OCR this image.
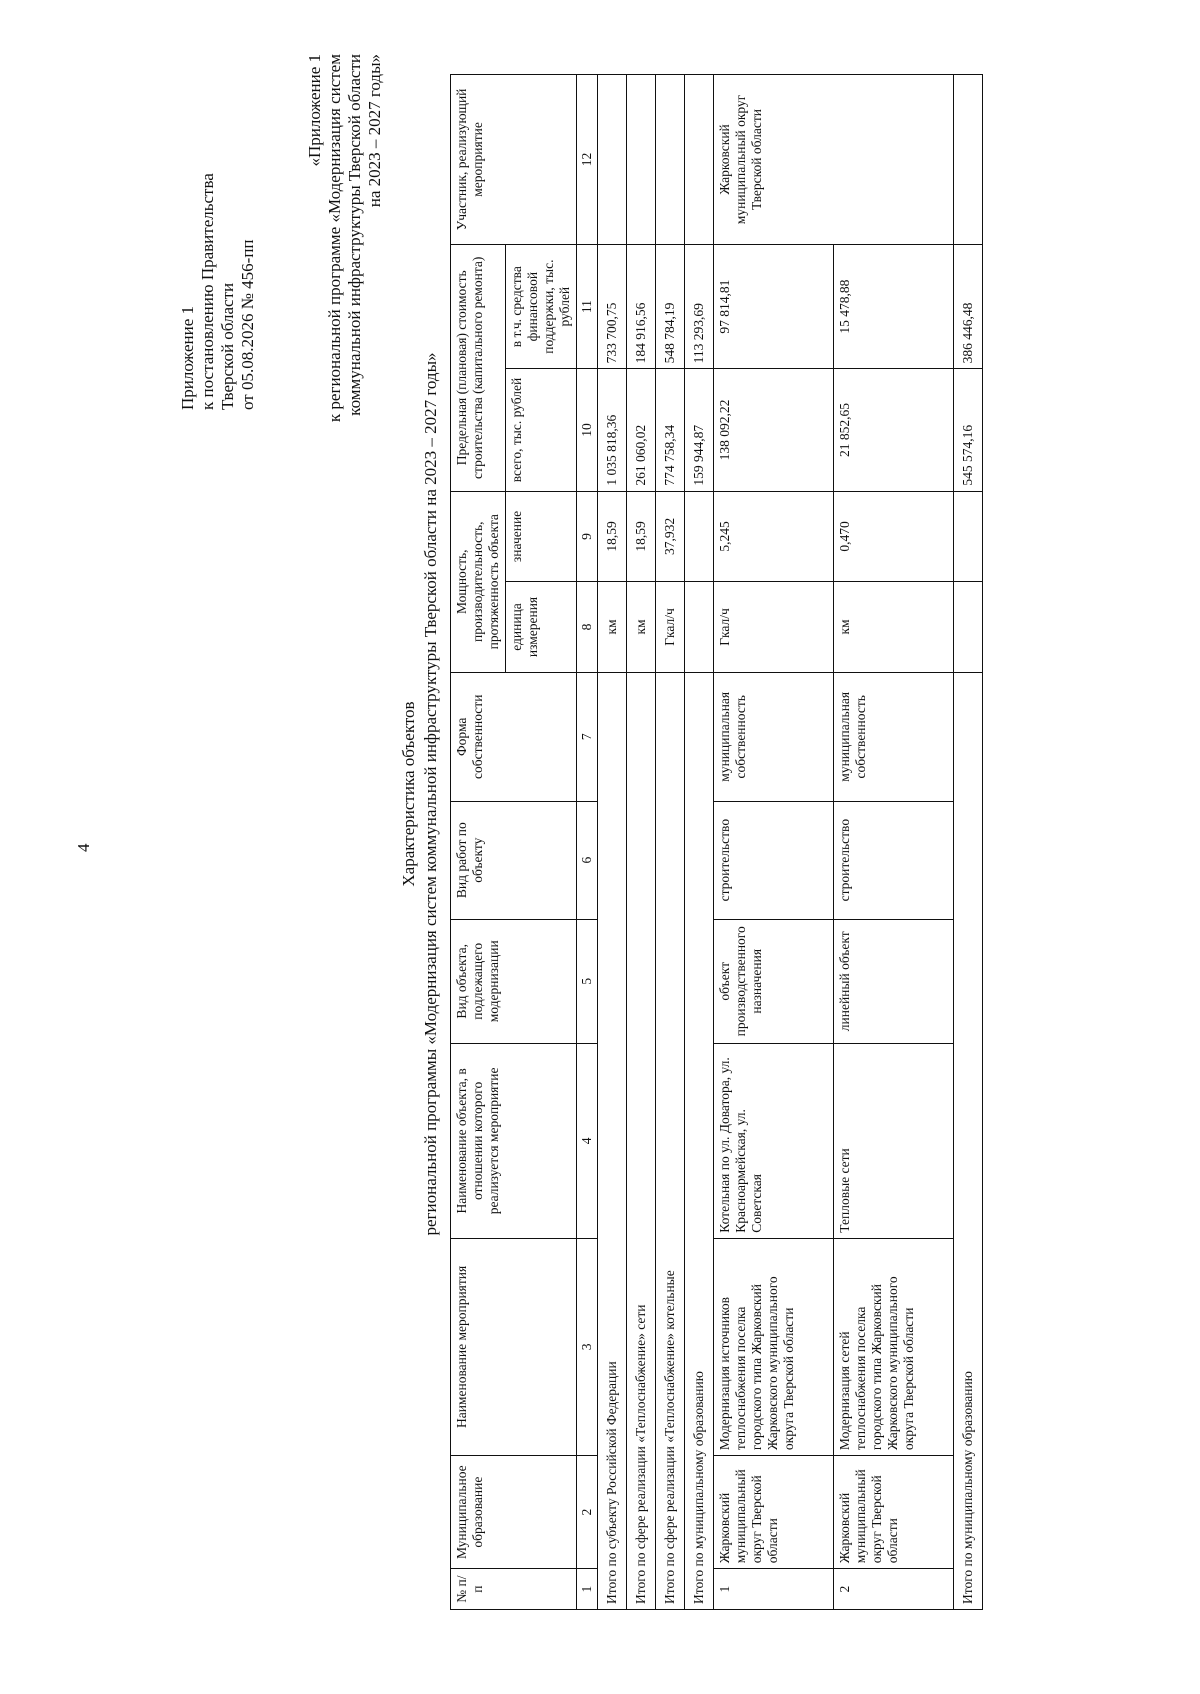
4
Приложение 1 к постановлению Правительства Тверской области от 05.08.2026 № 456-пп
«Приложение 1 к региональной программе «Модернизация систем коммунальной инфраструктуры Тверской области на 2023 – 2027 годы»
Характеристика объектов региональной программы «Модернизация систем коммунальной инфраструктуры Тверской области на 2023 – 2027 годы»
№ п/п	Муниципальное образование	Наименование мероприятия	Наименование объекта, в отношении которого реализуется мероприятие	Вид объекта, подлежащего модернизации	Вид работ по объекту	Форма собственности	Мощность, производительность, протяженность объекта		Предельная (плановая) стоимость строительства (капитального ремонта)		Участник, реализующий мероприятие
							единица измерения	значение	всего, тыс. рублей	в т.ч. средства финансовой поддержки, тыс. рублей	
1	2	3	4	5	6	7	8	9	10	11	12
Итого по субъекту Российской Федерации							км	18,59	1 035 818,36	733 700,75	
Итого по сфере реализации «Теплоснабжение» сети							км	18,59	261 060,02	184 916,56	
Итого по сфере реализации «Теплоснабжение» котельные							Гкал/ч	37,932	774 758,34	548 784,19	
Итого по муниципальному образованию									159 944,87	113 293,69	
1	Жарковский муниципальный округ Тверской области	Модернизация источников теплоснабжения поселка городского типа Жарковский Жарковского муниципального округа Тверской области	Котельная по ул. Доватора, ул. Красноармейская, ул. Советская	объект производственного назначения	строительство	муниципальная собственность	Гкал/ч	5,245	138 092,22	97 814,81	Жарковский муниципальный округ Тверской области
2	Жарковский муниципальный округ Тверской области	Модернизация сетей теплоснабжения поселка городского типа Жарковский Жарковского муниципального округа Тверской области	Тепловые сети	линейный объект	строительство	муниципальная собственность	км	0,470	21 852,65	15 478,88	
Итого по муниципальному образованию									545 574,16	386 446,48	
